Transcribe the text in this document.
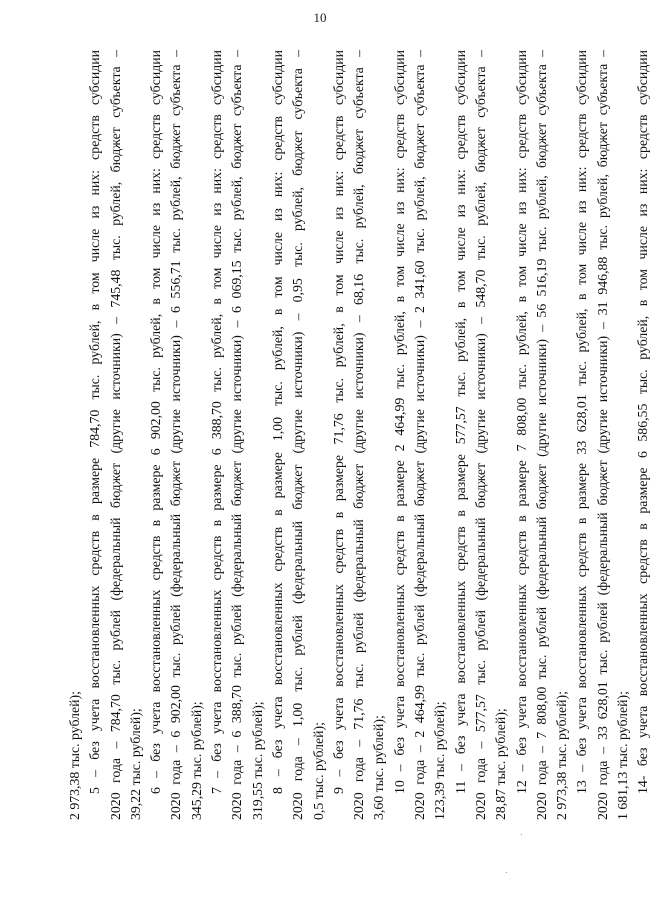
10
2 973,38 тыс. рублей); 5 – без учета восстановленных средств в размере 784,70 тыс. рублей, в том числе из них: средств субсидии 2020 года – 784,70 тыс. рублей (федеральный бюджет (другие источники) – 745,48 тыс. рублей, бюджет субъекта – 39,22 тыс. рублей); 6 – без учета восстановленных средств в размере 6 902,00 тыс. рублей, в том числе из них: средств субсидии 2020 года – 6 902,00 тыс. рублей (федеральный бюджет (другие источники) – 6 556,71 тыс. рублей, бюджет субъекта – 345,29 тыс. рублей); 7 – без учета восстановленных средств в размере 6 388,70 тыс. рублей, в том числе из них: средств субсидии 2020 года – 6 388,70 тыс. рублей (федеральный бюджет (другие источники) – 6 069,15 тыс. рублей, бюджет субъекта – 319,55 тыс. рублей); 8 – без учета восстановленных средств в размере 1,00 тыс. рублей, в том числе из них: средств субсидии 2020 года – 1,00 тыс. рублей (федеральный бюджет (другие источники) – 0,95 тыс. рублей, бюджет субъекта – 0,5 тыс. рублей); 9 – без учета восстановленных средств в размере 71,76 тыс. рублей, в том числе из них: средств субсидии 2020 года – 71,76 тыс. рублей (федеральный бюджет (другие источники) – 68,16 тыс. рублей, бюджет субъекта – 3,60 тыс. рублей); 10 – без учета восстановленных средств в размере 2 464,99 тыс. рублей, в том числе из них: средств субсидии 2020 года – 2 464,99 тыс. рублей (федеральный бюджет (другие источники) – 2 341,60 тыс. рублей, бюджет субъекта – 123,39 тыс. рублей); 11 – без учета восстановленных средств в размере 577,57 тыс. рублей, в том числе из них: средств субсидии 2020 года – 577,57 тыс. рублей (федеральный бюджет (другие источники) – 548,70 тыс. рублей, бюджет субъекта – 28,87 тыс. рублей); 12 – без учета восстановленных средств в размере 7 808,00 тыс. рублей, в том числе из них: средств субсидии 2020 года – 7 808,00 тыс. рублей (федеральный бюджет (другие источники) – 56 516,19 тыс. рублей, бюджет субъекта – 2 973,38 тыс. рублей); 13 – без учета восстановленных средств в размере 33 628,01 тыс. рублей, в том числе из них: средств субсидии 2020 года – 33 628,01 тыс. рублей (федеральный бюджет (другие источники) – 31 946,88 тыс. рублей, бюджет субъекта – 1 681,13 тыс. рублей); 14- без учета восстановленных средств в размере 6 586,55 тыс. рублей, в том числе из них: средств субсидии
·
·
